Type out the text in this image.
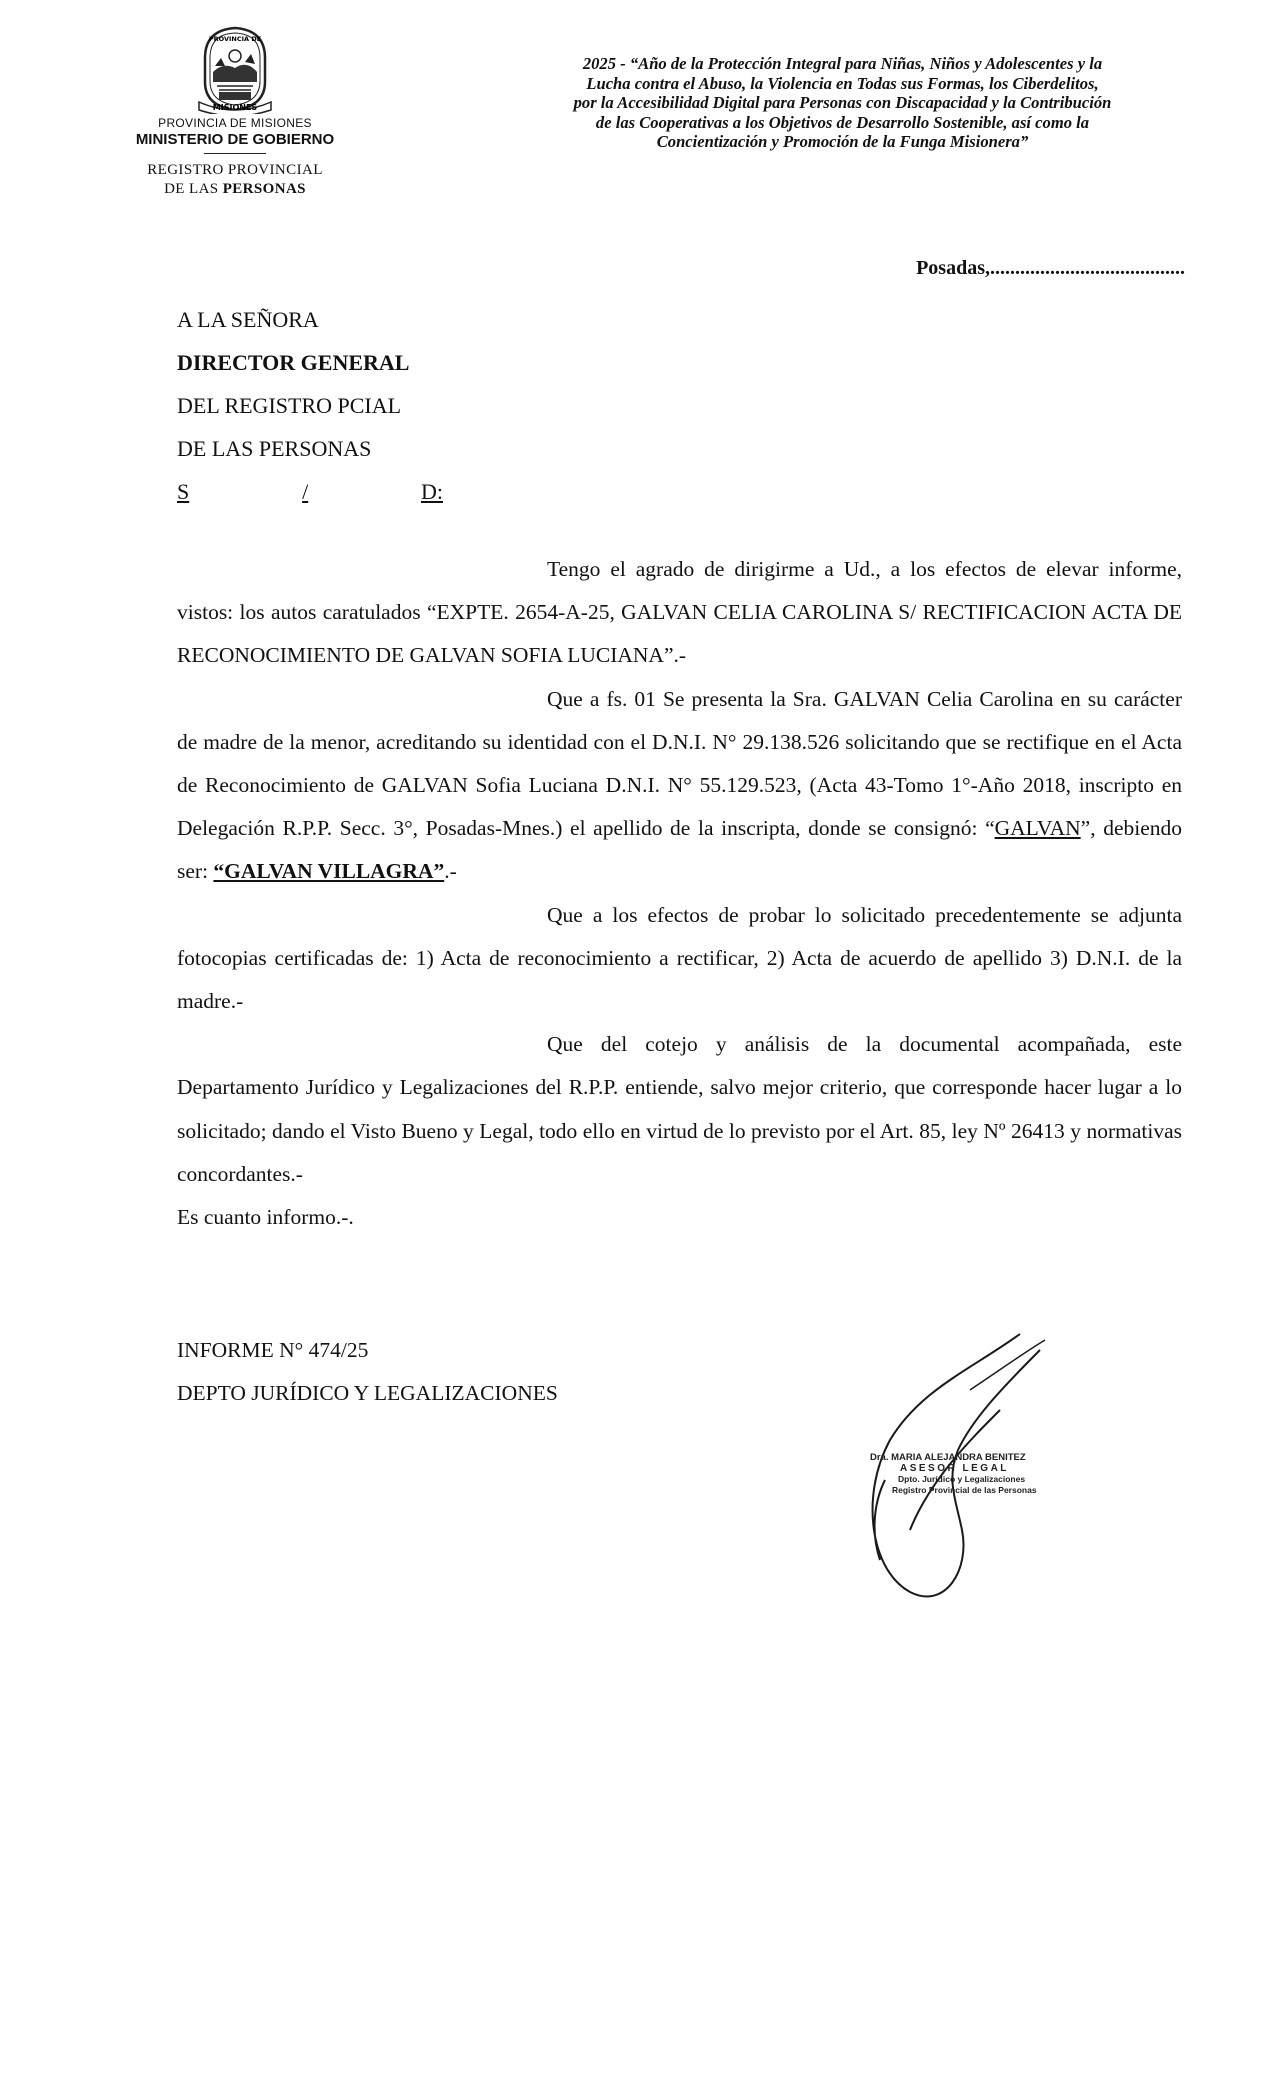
MISIONES
PROVINCIA DE
PROVINCIA DE MISIONES
MINISTERIO DE GOBIERNO
REGISTRO PROVINCIAL
DE LAS PERSONAS
2025 - “Año de la Protección Integral para Niñas, Niños y Adolescentes y la
Lucha contra el Abuso, la Violencia en Todas sus Formas, los Ciberdelitos,
por la Accesibilidad Digital para Personas con Discapacidad y la Contribución
de las Cooperativas a los Objetivos de Desarrollo Sostenible, así como la
Concientización y Promoción de la Funga Misionera”
Posadas,.......................................
A LA SEÑORA
DIRECTOR GENERAL
DEL REGISTRO PCIAL
DE LAS PERSONAS
S	/	D:

Tengo el agrado de dirigirme a Ud., a los efectos de elevar informe, vistos: los autos caratulados “EXPTE. 2654-A-25, GALVAN CELIA CAROLINA S/ RECTIFICACION ACTA DE RECONOCIMIENTO DE GALVAN SOFIA LUCIANA”.-

Que a fs. 01 Se presenta la Sra. GALVAN Celia Carolina en su carácter de madre de la menor, acreditando su identidad con el D.N.I. N° 29.138.526 solicitando que se rectifique en el Acta de Reconocimiento de GALVAN Sofia Luciana D.N.I. N° 55.129.523, (Acta 43-Tomo 1°-Año 2018, inscripto en Delegación R.P.P. Secc. 3°, Posadas-Mnes.) el apellido de la inscripta, donde se consignó: “GALVAN”, debiendo ser: “GALVAN VILLAGRA”.-

Que a los efectos de probar lo solicitado precedentemente se adjunta fotocopias certificadas de: 1) Acta de reconocimiento a rectificar, 2) Acta de acuerdo de apellido 3) D.N.I. de la madre.-

Que del cotejo y análisis de la documental acompañada, este Departamento Jurídico y Legalizaciones del R.P.P. entiende, salvo mejor criterio, que corresponde hacer lugar a lo solicitado; dando el Visto Bueno y Legal, todo ello en virtud de lo previsto por el Art. 85, ley Nº 26413 y normativas concordantes.-

Es cuanto informo.-.

INFORME N° 474/25
DEPTO JURÍDICO Y LEGALIZACIONES
Dra. MARIA ALEJANDRA BENITEZ
ASESOR LEGAL
Dpto. Jurídico y Legalizaciones
Registro Provincial de las Personas
